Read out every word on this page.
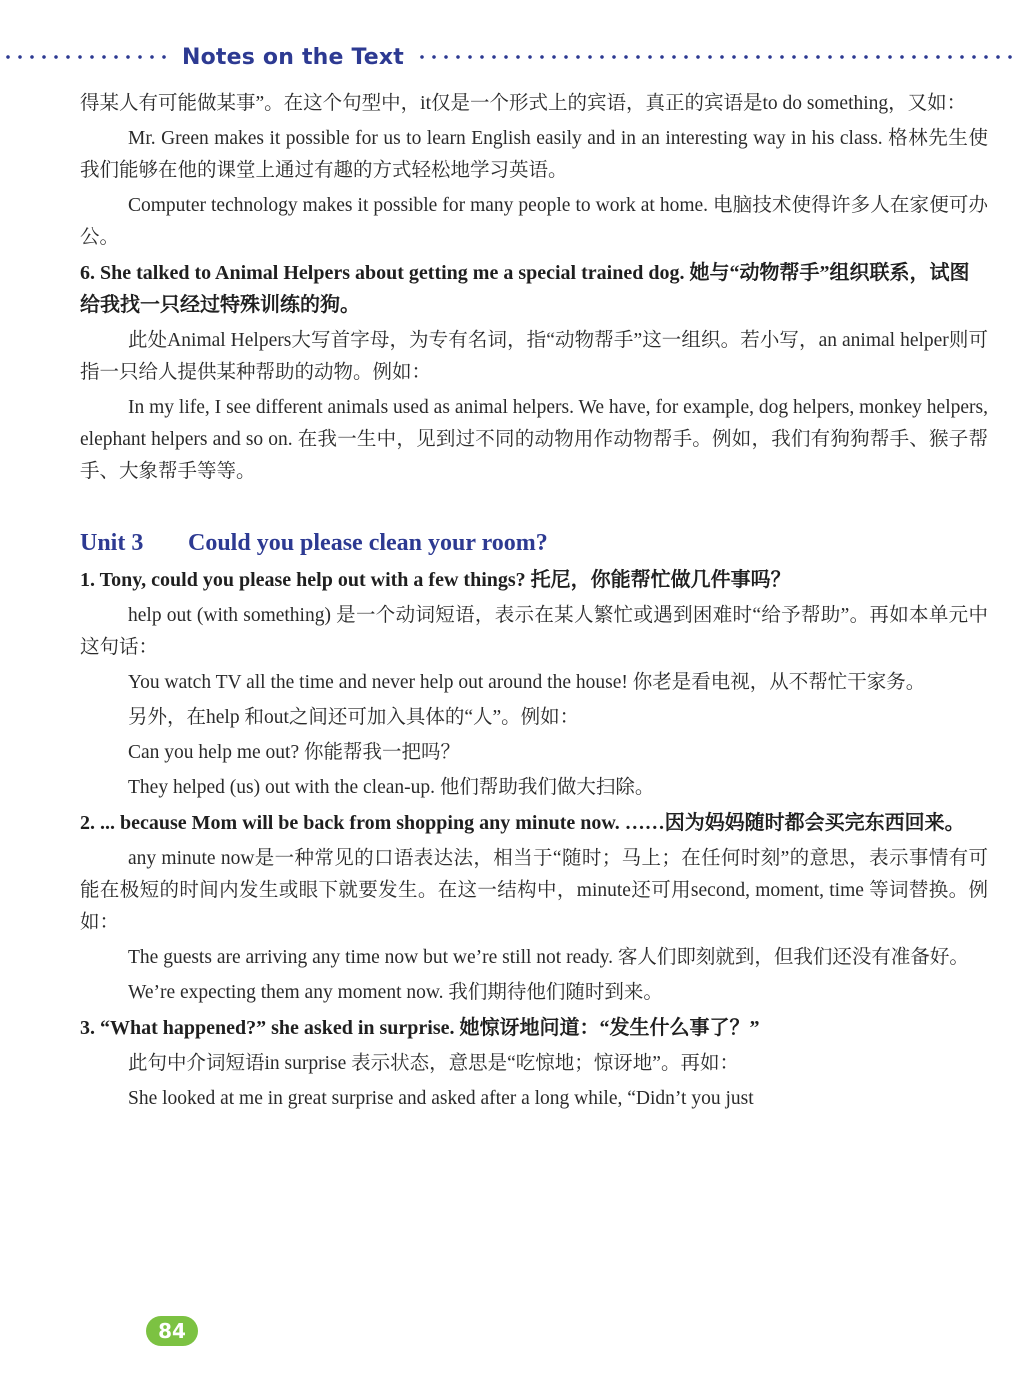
Notes on the Text

得某人有可能做某事”。在这个句型中，it仅是一个形式上的宾语，真正的宾语是to do something，又如：

Mr. Green makes it possible for us to learn English easily and in an interesting way in his class. 格林先生使我们能够在他的课堂上通过有趣的方式轻松地学习英语。

Computer technology makes it possible for many people to work at home. 电脑技术使得许多人在家便可办公。

6. She talked to Animal Helpers about getting me a special trained dog. 她与“动物帮手”组织联系，试图给我找一只经过特殊训练的狗。

此处Animal Helpers大写首字母，为专有名词，指“动物帮手”这一组织。若小写，an animal helper则可指一只给人提供某种帮助的动物。例如：

In my life, I see different animals used as animal helpers. We have, for example, dog helpers, monkey helpers, elephant helpers and so on. 在我一生中，见到过不同的动物用作动物帮手。例如，我们有狗狗帮手、猴子帮手、大象帮手等等。

Unit 3 Could you please clean your room?

1. Tony, could you please help out with a few things? 托尼，你能帮忙做几件事吗？

help out (with something) 是一个动词短语，表示在某人繁忙或遇到困难时“给予帮助”。再如本单元中这句话：

You watch TV all the time and never help out around the house! 你老是看电视，从不帮忙干家务。

另外，在help 和out之间还可加入具体的“人”。例如：

Can you help me out? 你能帮我一把吗？

They helped (us) out with the clean-up. 他们帮助我们做大扫除。

2. ... because Mom will be back from shopping any minute now. ……因为妈妈随时都会买完东西回来。

any minute now是一种常见的口语表达法，相当于“随时；马上；在任何时刻”的意思，表示事情有可能在极短的时间内发生或眼下就要发生。在这一结构中，minute还可用second, moment, time 等词替换。例如：

The guests are arriving any time now but we’re still not ready. 客人们即刻就到，但我们还没有准备好。

We’re expecting them any moment now. 我们期待他们随时到来。

3. “What happened?” she asked in surprise. 她惊讶地问道：“发生什么事了？”

此句中介词短语in surprise 表示状态，意思是“吃惊地；惊讶地”。再如：

She looked at me in great surprise and asked after a long while, “Didn’t you just

84
